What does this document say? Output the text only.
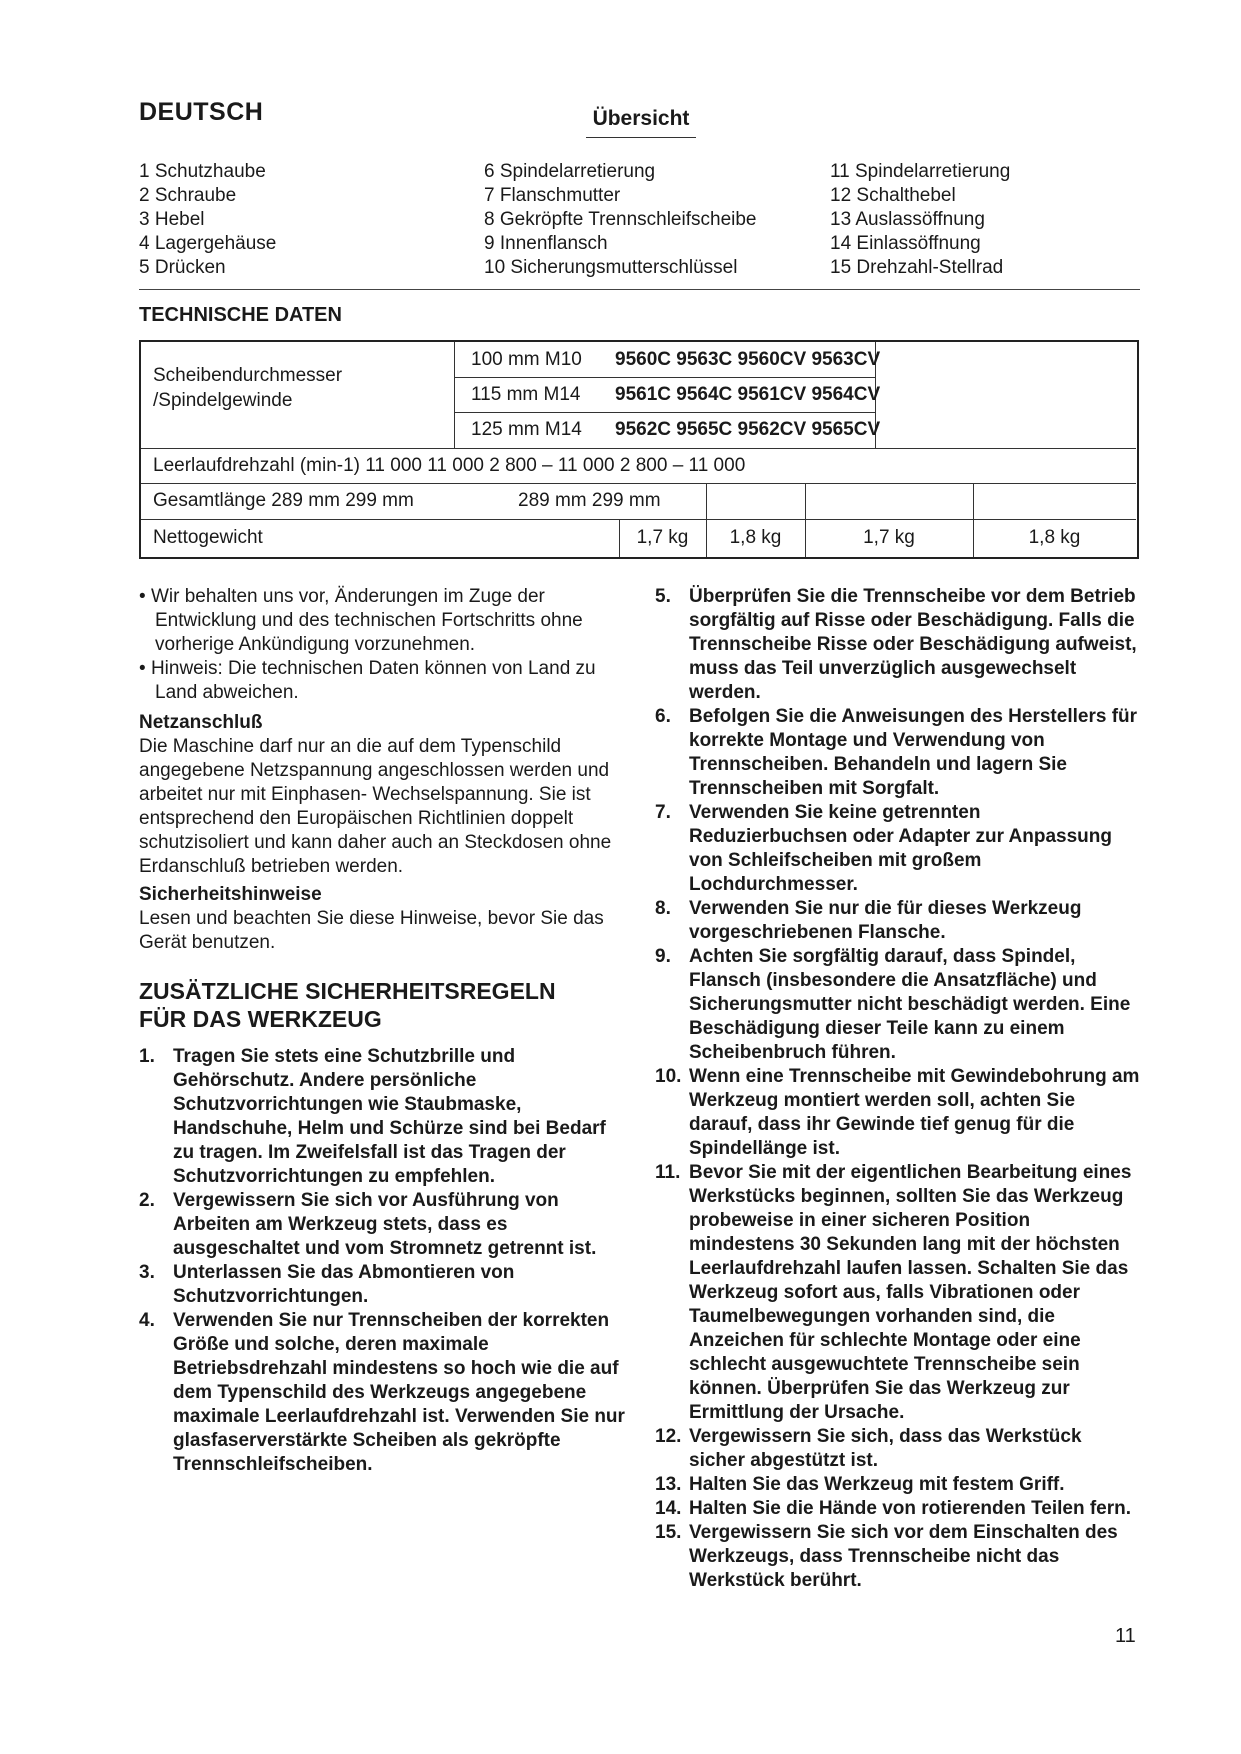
DEUTSCH	Übersicht
1 Schutzhaube
2 Schraube
3 Hebel
4 Lagergehäuse
5 Drücken
6 Spindelarretierung
7 Flanschmutter
8 Gekröpfte Trennschleifscheibe
9 Innenflansch
10 Sicherungsmutterschlüssel
11 Spindelarretierung
12 Schalthebel
13 Auslassöffnung
14 Einlassöffnung
15 Drehzahl-Stellrad
TECHNISCHE DATEN
Scheibendurchmesser
/Spindelgewinde
100 mm M10 9560C 9563C 9560CV 9563CV
115 mm M14 9561C 9564C 9561CV 9564CV
125 mm M14 9562C 9565C 9562CV 9565CV
Leerlaufdrehzahl (min-1) 11 000 11 000 2 800 – 11 000 2 800 – 11 000
Gesamtlänge 289 mm 299 mm	289 mm 299 mm
Nettogewicht	1,7 kg	1,8 kg	1,7 kg	1,8 kg

• Wir behalten uns vor, Änderungen im Zuge der Entwicklung und des technischen Fortschritts ohne vorherige Ankündigung vorzunehmen.

• Hinweis: Die technischen Daten können von Land zu Land abweichen.

Netzanschluß

Die Maschine darf nur an die auf dem Typenschild angegebene Netzspannung angeschlossen werden und arbeitet nur mit Einphasen- Wechselspannung. Sie ist entsprechend den Europäischen Richtlinien doppelt schutzisoliert und kann daher auch an Steckdosen ohne Erdanschluß betrieben werden.

Sicherheitshinweise

Lesen und beachten Sie diese Hinweise, bevor Sie das Gerät benutzen.

ZUSÄTZLICHE SICHERHEITSREGELN FÜR DAS WERKZEUG

1. Tragen Sie stets eine Schutzbrille und Gehörschutz. Andere persönliche Schutzvorrichtungen wie Staubmaske, Handschuhe, Helm und Schürze sind bei Bedarf zu tragen. Im Zweifelsfall ist das Tragen der Schutzvorrichtungen zu empfehlen.
2. Vergewissern Sie sich vor Ausführung von Arbeiten am Werkzeug stets, dass es ausgeschaltet und vom Stromnetz getrennt ist.
3. Unterlassen Sie das Abmontieren von Schutzvorrichtungen.
4. Verwenden Sie nur Trennscheiben der korrekten Größe und solche, deren maximale Betriebsdrehzahl mindestens so hoch wie die auf dem Typenschild des Werkzeugs angegebene maximale Leerlaufdrehzahl ist. Verwenden Sie nur glasfaserverstärkte Scheiben als gekröpfte Trennschleifscheiben.
5. Überprüfen Sie die Trennscheibe vor dem Betrieb sorgfältig auf Risse oder Beschädigung. Falls die Trennscheibe Risse oder Beschädigung aufweist, muss das Teil unverzüglich ausgewechselt werden.
6. Befolgen Sie die Anweisungen des Herstellers für korrekte Montage und Verwendung von Trennscheiben. Behandeln und lagern Sie Trennscheiben mit Sorgfalt.
7. Verwenden Sie keine getrennten Reduzierbuchsen oder Adapter zur Anpassung von Schleifscheiben mit großem Lochdurchmesser.
8. Verwenden Sie nur die für dieses Werkzeug vorgeschriebenen Flansche.
9. Achten Sie sorgfältig darauf, dass Spindel, Flansch (insbesondere die Ansatzfläche) und Sicherungsmutter nicht beschädigt werden. Eine Beschädigung dieser Teile kann zu einem Scheibenbruch führen.
10. Wenn eine Trennscheibe mit Gewindebohrung am Werkzeug montiert werden soll, achten Sie darauf, dass ihr Gewinde tief genug für die Spindellänge ist.
11. Bevor Sie mit der eigentlichen Bearbeitung eines Werkstücks beginnen, sollten Sie das Werkzeug probeweise in einer sicheren Position mindestens 30 Sekunden lang mit der höchsten Leerlaufdrehzahl laufen lassen. Schalten Sie das Werkzeug sofort aus, falls Vibrationen oder Taumelbewegungen vorhanden sind, die Anzeichen für schlechte Montage oder eine schlecht ausgewuchtete Trennscheibe sein können. Überprüfen Sie das Werkzeug zur Ermittlung der Ursache.
12. Vergewissern Sie sich, dass das Werkstück sicher abgestützt ist.
13. Halten Sie das Werkzeug mit festem Griff.
14. Halten Sie die Hände von rotierenden Teilen fern.
15. Vergewissern Sie sich vor dem Einschalten des Werkzeugs, dass Trennscheibe nicht das Werkstück berührt.
11
